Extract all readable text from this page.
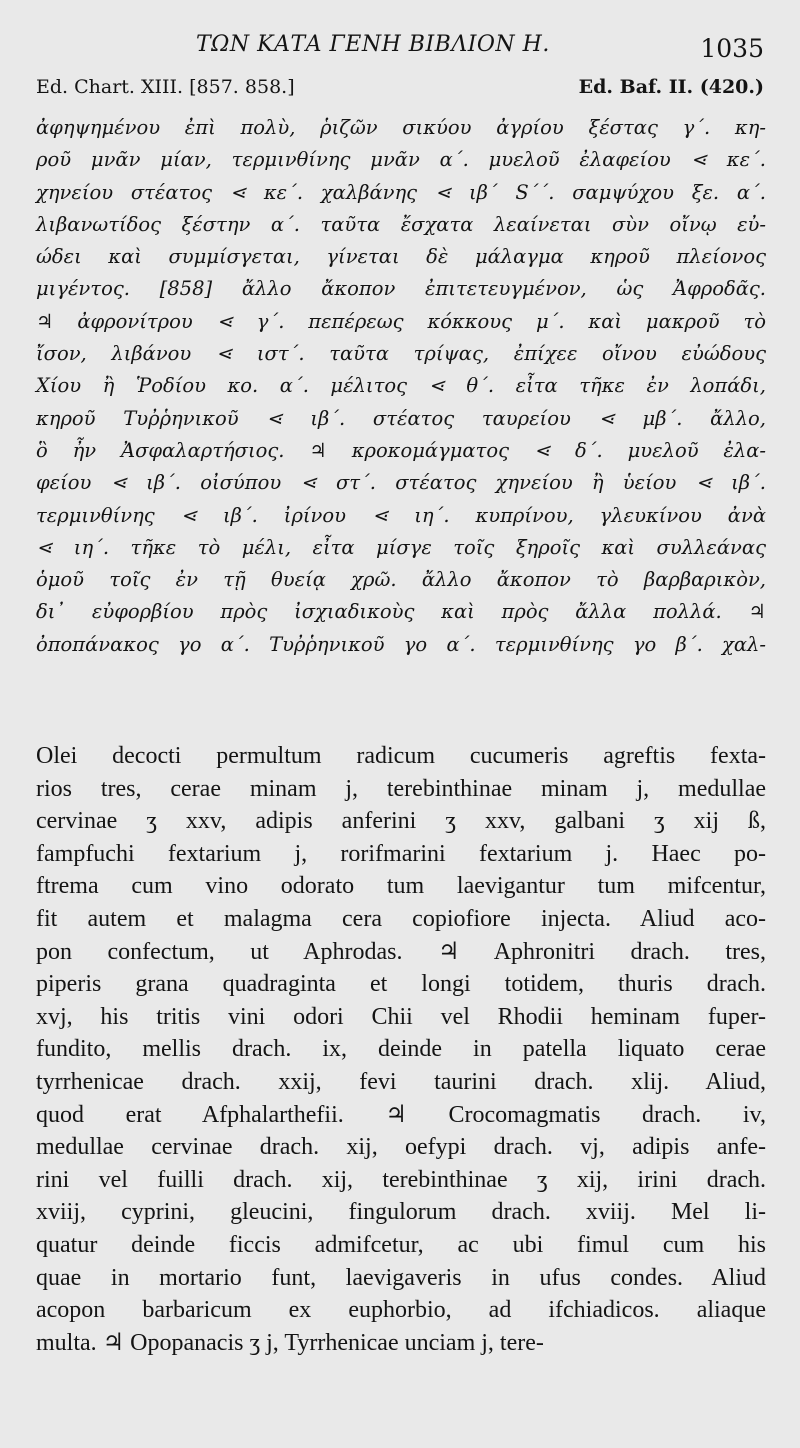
ΤΩΝ ΚΑΤΑ ΓΕΝΗ ΒΙΒΛΙΟΝ Η.	1035
Ed. Chart. XIII. [857. 858.]	Ed. Baf. II. (420.)
ἀφηψημένου ἐπὶ πολὺ, ῥιζῶν σικύου ἀγρίου ξέστας γ΄. κη-
ροῦ μνᾶν μίαν, τερμινθίνης μνᾶν α΄. μυελοῦ ἐλαφείου ⋖ κε΄.
χηνείου στέατος ⋖ κε΄. χαλβάνης ⋖ ιβ΄ S΄΄. σαμψύχου ξε. α΄.
λιβανωτίδος ξέστην α΄. ταῦτα ἔσχατα λεαίνεται σὺν οἴνῳ εὐ-
ώδει καὶ συμμίσγεται, γίνεται δὲ μάλαγμα κηροῦ πλείονος
μιγέντος. [858] ἄλλο ἄκοπον ἐπιτετευγμένον, ὡς Ἀφροδᾶς.
♃ ἀφρονίτρου ⋖ γ΄. πεπέρεως κόκκους μ΄. καὶ μακροῦ τὸ
ἴσον, λιβάνου ⋖ ιστ΄. ταῦτα τρίψας, ἐπίχεε οἴνου εὐώδους
Χίου ἢ Ῥοδίου κο. α΄. μέλιτος ⋖ θ΄. εἶτα τῆκε ἐν λοπάδι,
κηροῦ Τυῤῥηνικοῦ ⋖ ιβ΄. στέατος ταυρείου ⋖ μβ΄. ἄλλο,
ὃ ἦν Ἀσφαλαρτήσιος. ♃ κροκομάγματος ⋖ δ΄. μυελοῦ ἐλα-
φείου ⋖ ιβ΄. οἰσύπου ⋖ στ΄. στέατος χηνείου ἢ ὑείου ⋖ ιβ΄.
τερμινθίνης ⋖ ιβ΄. ἰρίνου ⋖ ιη΄. κυπρίνου, γλευκίνου ἀνὰ
⋖ ιη΄. τῆκε τὸ μέλι, εἶτα μίσγε τοῖς ξηροῖς καὶ συλλεάνας
ὁμοῦ τοῖς ἐν τῇ θυείᾳ χρῶ. ἄλλο ἄκοπον τὸ βαρβαρικὸν,
δι᾽ εὐφορβίου πρὸς ἰσχιαδικοὺς καὶ πρὸς ἄλλα πολλά. ♃
ὀποπάνακος γο α΄. Τυῤῥηνικοῦ γο α΄. τερμινθίνης γο β΄. χαλ-
Olei decocti permultum radicum cucumeris agreftis fexta-
rios tres, cerae minam j, terebinthinae minam j, medullae
cervinae ʒ xxv, adipis anferini ʒ xxv, galbani ʒ xij ß,
fampfuchi fextarium j, rorifmarini fextarium j. Haec po-
ftrema cum vino odorato tum laevigantur tum mifcentur,
fit autem et malagma cera copiofiore injecta. Aliud aco-
pon confectum, ut Aphrodas. ♃ Aphronitri drach. tres,
piperis grana quadraginta et longi totidem, thuris drach.
xvj, his tritis vini odori Chii vel Rhodii heminam fuper-
fundito, mellis drach. ix, deinde in patella liquato cerae
tyrrhenicae drach. xxij, fevi taurini drach. xlij. Aliud,
quod erat Afphalarthefii. ♃ Crocomagmatis drach. iv,
medullae cervinae drach. xij, oefypi drach. vj, adipis anfe-
rini vel fuilli drach. xij, terebinthinae ʒ xij, irini drach.
xviij, cyprini, gleucini, fingulorum drach. xviij. Mel li-
quatur deinde ficcis admifcetur, ac ubi fimul cum his
quae in mortario funt, laevigaveris in ufus condes. Aliud
acopon barbaricum ex euphorbio, ad ifchiadicos. aliaque
multa. ♃ Opopanacis ʒ j, Tyrrhenicae unciam j, tere-
